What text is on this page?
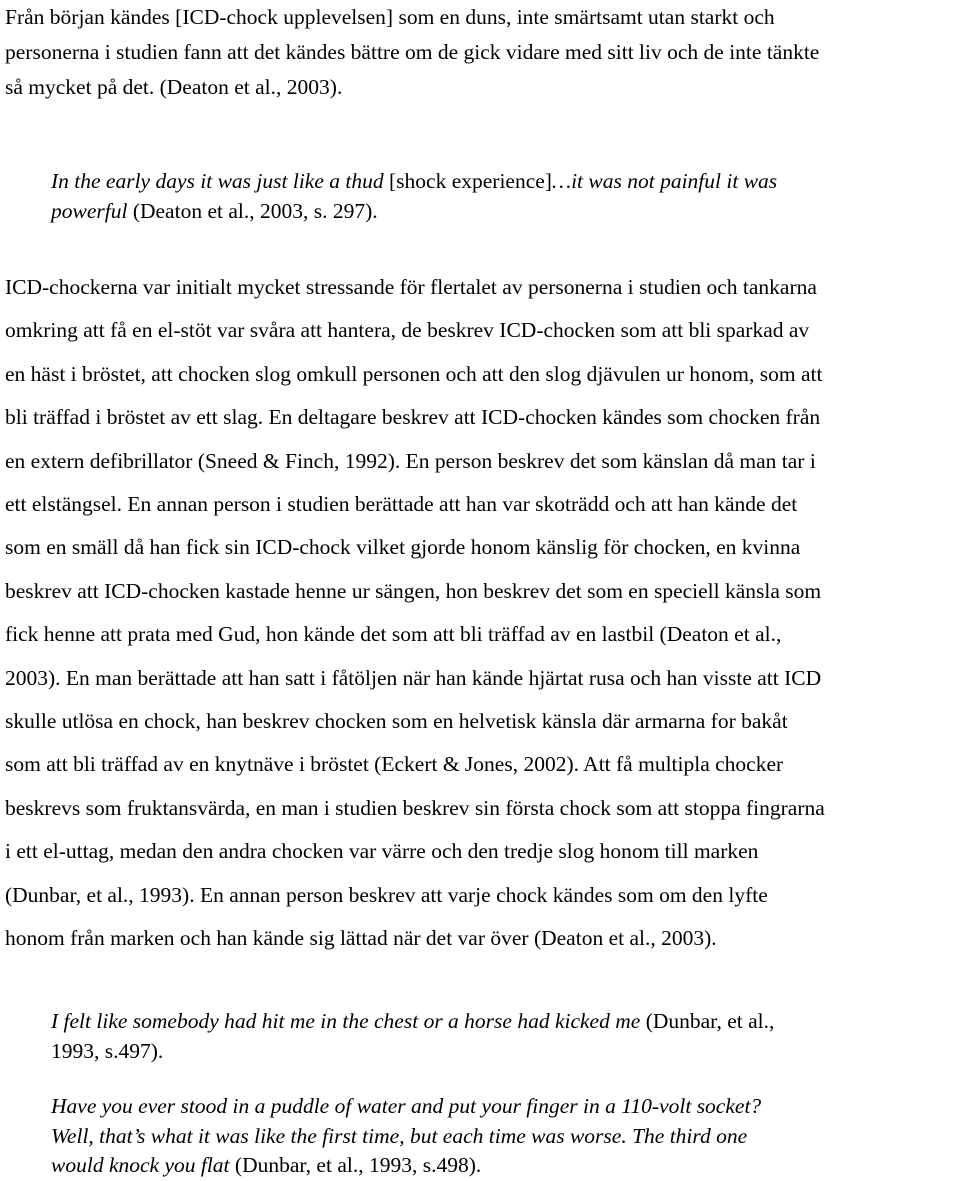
Från början kändes [ICD-chock upplevelsen] som en duns, inte smärtsamt utan starkt och
personerna i studien fann att det kändes bättre om de gick vidare med sitt liv och de inte tänkte
så mycket på det. (Deaton et al., 2003).

In the early days it was just like a thud [shock experience]…it was not painful it was
powerful (Deaton et al., 2003, s. 297).

ICD-chockerna var initialt mycket stressande för flertalet av personerna i studien och tankarna
omkring att få en el-stöt var svåra att hantera, de beskrev ICD-chocken som att bli sparkad av
en häst i bröstet, att chocken slog omkull personen och att den slog djävulen ur honom, som att
bli träffad i bröstet av ett slag. En deltagare beskrev att ICD-chocken kändes som chocken från
en extern defibrillator (Sneed & Finch, 1992). En person beskrev det som känslan då man tar i
ett elstängsel. En annan person i studien berättade att han var skoträdd och att han kände det
som en smäll då han fick sin ICD-chock vilket gjorde honom känslig för chocken, en kvinna
beskrev att ICD-chocken kastade henne ur sängen, hon beskrev det som en speciell känsla som
fick henne att prata med Gud, hon kände det som att bli träffad av en lastbil (Deaton et al.,
2003). En man berättade att han satt i fåtöljen när han kände hjärtat rusa och han visste att ICD
skulle utlösa en chock, han beskrev chocken som en helvetisk känsla där armarna for bakåt
som att bli träffad av en knytnäve i bröstet (Eckert & Jones, 2002). Att få multipla chocker
beskrevs som fruktansvärda, en man i studien beskrev sin första chock som att stoppa fingrarna
i ett el-uttag, medan den andra chocken var värre och den tredje slog honom till marken
(Dunbar, et al., 1993). En annan person beskrev att varje chock kändes som om den lyfte
honom från marken och han kände sig lättad när det var över (Deaton et al., 2003).

I felt like somebody had hit me in the chest or a horse had kicked me (Dunbar, et al.,
1993, s.497).

Have you ever stood in a puddle of water and put your finger in a 110-volt socket?
Well, that’s what it was like the first time, but each time was worse. The third one
would knock you flat (Dunbar, et al., 1993, s.498).
